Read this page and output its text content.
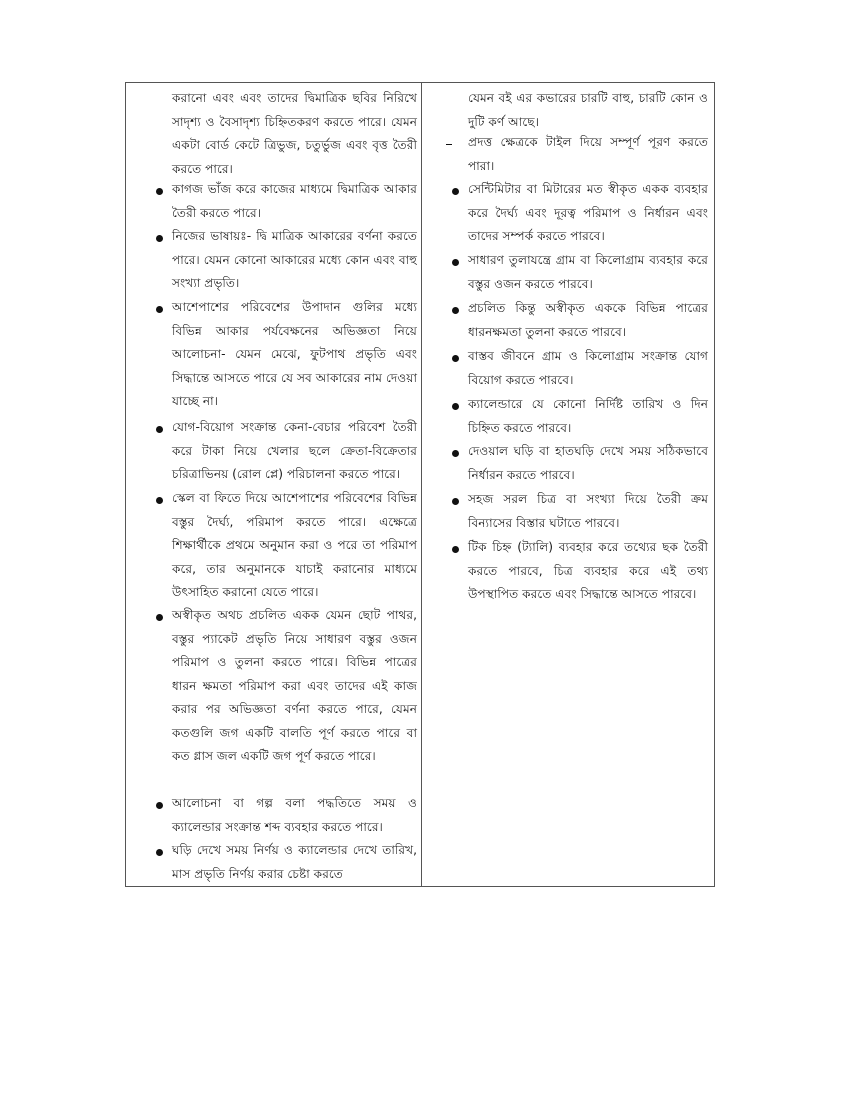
করানো এবং এবং তাদের দ্বিমাত্রিক ছবির নিরিখে সাদৃশ্য ও বৈসাদৃশ্য চিহ্নিতকরণ করতে পারে। যেমন একটা বোর্ড কেটে ত্রিভুজ, চতুর্ভুজ এবং বৃত্ত তৈরী করতে পারে।
কাগজ ভাঁজ করে কাজের মাধ্যমে দ্বিমাত্রিক আকার তৈরী করতে পারে।
নিজের ভাষায়ঃ- দ্বি মাত্রিক আকারের বর্ণনা করতে পারে। যেমন কোনো আকারের মধ্যে কোন এবং বাহু সংখ্যা প্রভৃতি।
আশেপাশের পরিবেশের উপাদান গুলির মধ্যে বিভিন্ন আকার পর্যবেক্ষনের অভিজ্ঞতা নিয়ে আলোচনা- যেমন মেঝে, ফুটপাথ প্রভৃতি এবং সিদ্ধান্তে আসতে পারে যে সব আকারের নাম দেওয়া যাচ্ছে না।
যোগ-বিয়োগ সংক্রান্ত কেনা-বেচার পরিবেশ তৈরী করে টাকা নিয়ে খেলার ছলে ক্রেতা-বিক্রেতার চরিত্রাভিনয় (রোল প্লে) পরিচালনা করতে পারে।
স্কেল বা ফিতে দিয়ে আশেপাশের পরিবেশের বিভিন্ন বস্তুর দৈর্ঘ্য, পরিমাপ করতে পারে। এক্ষেত্রে শিক্ষার্থীকে প্রথমে অনুমান করা ও পরে তা পরিমাপ করে, তার অনুমানকে যাচাই করানোর মাধ্যমে উৎসাহিত করানো যেতে পারে।
অস্বীকৃত অথচ প্রচলিত একক যেমন ছোট পাথর, বস্তুর প্যাকেট প্রভৃতি নিয়ে সাধারণ বস্তুর ওজন পরিমাপ ও তুলনা করতে পারে। বিভিন্ন পাত্রের ধারন ক্ষমতা পরিমাপ করা এবং তাদের এই কাজ করার পর অভিজ্ঞতা বর্ণনা করতে পারে, যেমন কতগুলি জগ একটি বালতি পূর্ণ করতে পারে বা কত গ্লাস জল একটি জগ পূর্ণ করতে পারে।
আলোচনা বা গল্প বলা পদ্ধতিতে সময় ও ক্যালেন্ডার সংক্রান্ত শব্দ ব্যবহার করতে পারে।
ঘড়ি দেখে সময় নির্ণয় ও ক্যালেন্ডার দেখে তারিখ, মাস প্রভৃতি নির্ণয় করার চেষ্টা করতে
যেমন বই এর কভারের চারটি বাহু, চারটি কোন ও দুটি কর্ণ আছে।
প্রদত্ত ক্ষেত্রকে টাইল দিয়ে সম্পূর্ণ পূরণ করতে পারা।
সেন্টিমিটার বা মিটারের মত স্বীকৃত একক ব্যবহার করে দৈর্ঘ্য এবং দূরত্ব পরিমাপ ও নির্ধারন এবং তাদের সম্পর্ক করতে পারবে।
সাধারণ তুলাযন্ত্রে গ্রাম বা কিলোগ্রাম ব্যবহার করে বস্তুর ওজন করতে পারবে।
প্রচলিত কিন্তু অস্বীকৃত এককে বিভিন্ন পাত্রের ধারনক্ষমতা তুলনা করতে পারবে।
বাস্তব জীবনে গ্রাম ও কিলোগ্রাম সংক্রান্ত যোগ বিয়োগ করতে পারবে।
ক্যালেন্ডারে যে কোনো নির্দিষ্ট তারিখ ও দিন চিহ্নিত করতে পারবে।
দেওয়াল ঘড়ি বা হাতঘড়ি দেখে সময় সঠিকভাবে নির্ধারন করতে পারবে।
সহজ সরল চিত্র বা সংখ্যা দিয়ে তৈরী ক্রম বিন্যাসের বিস্তার ঘটাতে পারবে।
টিক চিহ্ন (ট্যালি) ব্যবহার করে তথ্যের ছক তৈরী করতে পারবে, চিত্র ব্যবহার করে এই তথ্য উপস্থাপিত করতে এবং সিদ্ধান্তে আসতে পারবে।
